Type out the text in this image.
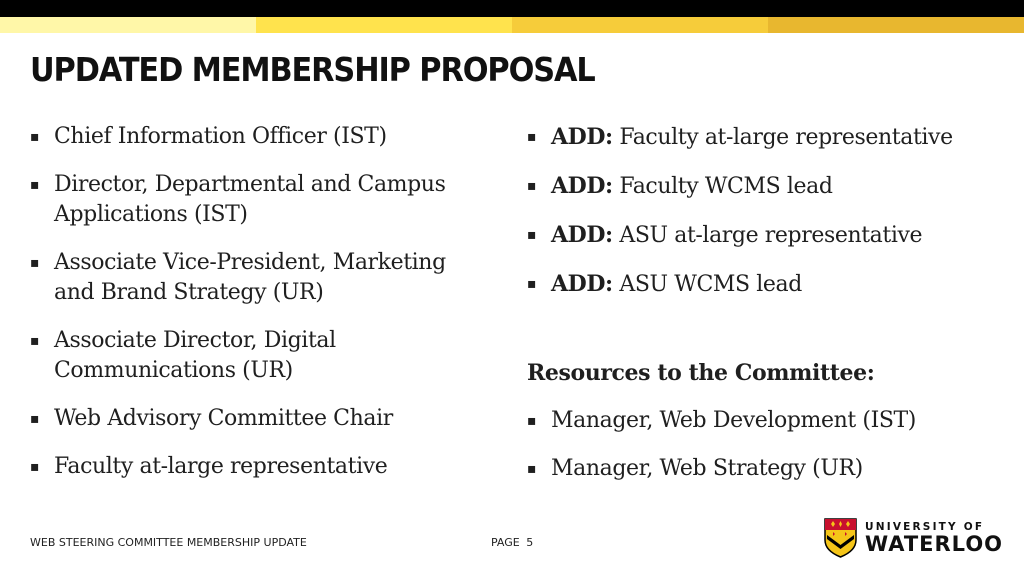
UPDATED MEMBERSHIP PROPOSAL
▪ Chief Information Officer (IST)
▪ Director, Departmental and Campus Applications (IST)
▪ Associate Vice-President, Marketing and Brand Strategy (UR)
▪ Associate Director, Digital Communications (UR)
▪ Web Advisory Committee Chair
▪ Faculty at-large representative
▪ ADD: Faculty at-large representative
▪ ADD: Faculty WCMS lead
▪ ADD: ASU at-large representative
▪ ADD: ASU WCMS lead

Resources to the Committee:

▪ Manager, Web Development (IST)
▪ Manager, Web Strategy (UR)
WEB STEERING COMMITTEE MEMBERSHIP UPDATE	PAGE 5
UNIVERSITY OF
WATERLOO
